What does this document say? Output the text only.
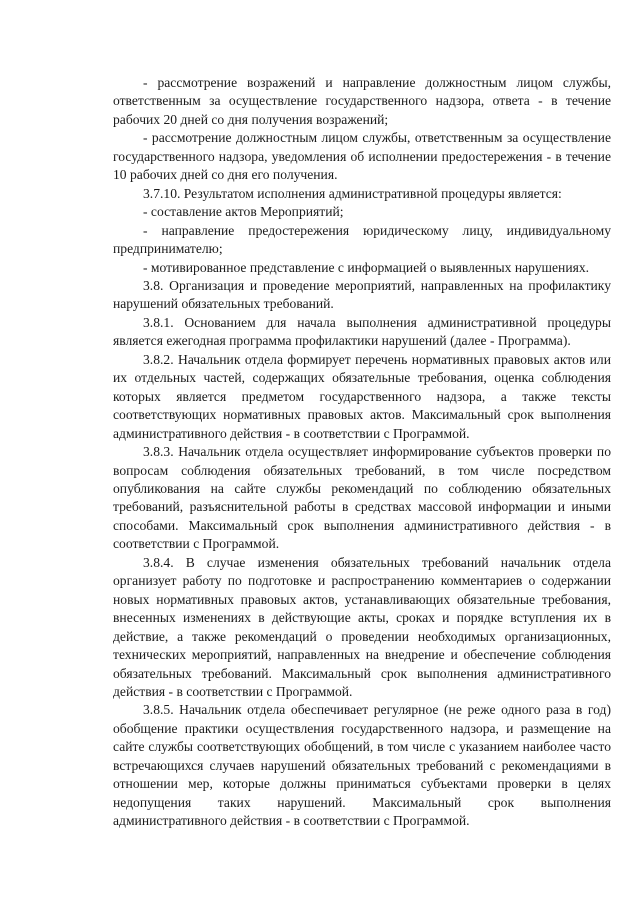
- рассмотрение возражений и направление должностным лицом службы, ответственным за осуществление государственного надзора, ответа - в течение рабочих 20 дней со дня получения возражений;

- рассмотрение должностным лицом службы, ответственным за осуществление государственного надзора, уведомления об исполнении предостережения - в течение 10 рабочих дней со дня его получения.

3.7.10. Результатом исполнения административной процедуры является:

- составление актов Мероприятий;

- направление предостережения юридическому лицу, индивидуальному предпринимателю;

- мотивированное представление с информацией о выявленных нарушениях.

3.8. Организация и проведение мероприятий, направленных на профилактику нарушений обязательных требований.

3.8.1. Основанием для начала выполнения административной процедуры является ежегодная программа профилактики нарушений (далее - Программа).

3.8.2. Начальник отдела формирует перечень нормативных правовых актов или их отдельных частей, содержащих обязательные требования, оценка соблюдения которых является предметом государственного надзора, а также тексты соответствующих нормативных правовых актов. Максимальный срок выполнения административного действия - в соответствии с Программой.

3.8.3. Начальник отдела осуществляет информирование субъектов проверки по вопросам соблюдения обязательных требований, в том числе посредством опубликования на сайте службы рекомендаций по соблюдению обязательных требований, разъяснительной работы в средствах массовой информации и иными способами. Максимальный срок выполнения административного действия - в соответствии с Программой.

3.8.4. В случае изменения обязательных требований начальник отдела организует работу по подготовке и распространению комментариев о содержании новых нормативных правовых актов, устанавливающих обязательные требования, внесенных изменениях в действующие акты, сроках и порядке вступления их в действие, а также рекомендаций о проведении необходимых организационных, технических мероприятий, направленных на внедрение и обеспечение соблюдения обязательных требований. Максимальный срок выполнения административного действия - в соответствии с Программой.

3.8.5. Начальник отдела обеспечивает регулярное (не реже одного раза в год) обобщение практики осуществления государственного надзора, и размещение на сайте службы соответствующих обобщений, в том числе с указанием наиболее часто встречающихся случаев нарушений обязательных требований с рекомендациями в отношении мер, которые должны приниматься субъектами проверки в целях недопущения таких нарушений. Максимальный срок выполнения административного действия - в соответствии с Программой.
